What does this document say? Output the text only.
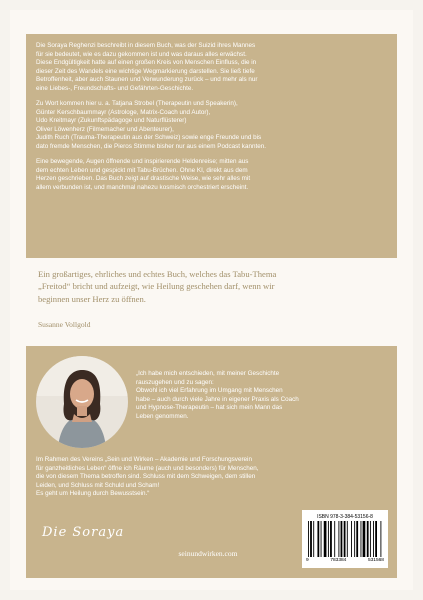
Die Soraya Reghenzi beschreibt in diesem Buch, was der Suizid ihres Mannes
für sie bedeutet, wie es dazu gekommen ist und was daraus alles erwächst.
Diese Endgültigkeit hatte auf einen großen Kreis von Menschen Einfluss, die in
dieser Zeit des Wandels eine wichtige Wegmarkierung darstellen. Sie ließ tiefe
Betroffenheit, aber auch Staunen und Verwunderung zurück – und mehr als nur
eine Liebes-, Freundschafts- und Gefährten-Geschichte.

Zu Wort kommen hier u. a. Tatjana Strobel (Therapeutin und Speakerin),
Günter Kerschbaummayr (Astrologe, Matrix-Coach und Autor),
Udo Kreitmayr (Zukunftspädagoge und Naturflüsterer)
Oliver Löwenherz (Filmemacher und Abenteurer),
Judith Ruch (Trauma-Therapeutin aus der Schweiz) sowie enge Freunde und bis
dato fremde Menschen, die Pieros Stimme bisher nur aus einem Podcast kannten.

Eine bewegende, Augen öffnende und inspirierende Heldenreise; mitten aus
dem echten Leben und gespickt mit Tabu-Brüchen. Ohne KI, direkt aus dem
Herzen geschrieben. Das Buch zeigt auf drastische Weise, wie sehr alles mit
allem verbunden ist, und manchmal nahezu kosmisch orchestriert erscheint.

Ein großartiges, ehrliches und echtes Buch, welches das Tabu-Thema
„Freitod“ bricht und aufzeigt, wie Heilung geschehen darf, wenn wir
beginnen unser Herz zu öffnen.
Susanne Vollgold
„Ich habe mich entschieden, mit meiner Geschichte
rauszugehen und zu sagen:
Obwohl ich viel Erfahrung im Umgang mit Menschen
habe – auch durch viele Jahre in eigener Praxis als Coach
und Hypnose-Therapeutin – hat sich mein Mann das
Leben genommen.
Im Rahmen des Vereins „Sein und Wirken – Akademie und Forschungsverein
für ganzheitliches Leben“ öffne ich Räume (auch und besonders) für Menschen,
die von diesem Thema betroffen sind. Schluss mit dem Schweigen, dem stillen
Leiden, und Schluss mit Schuld und Scham!
Es geht um Heilung durch Bewusstsein.“
Die Soraya
seinundwirken.com
ISBN 978-3-384-53156-8
9	783384	531568
